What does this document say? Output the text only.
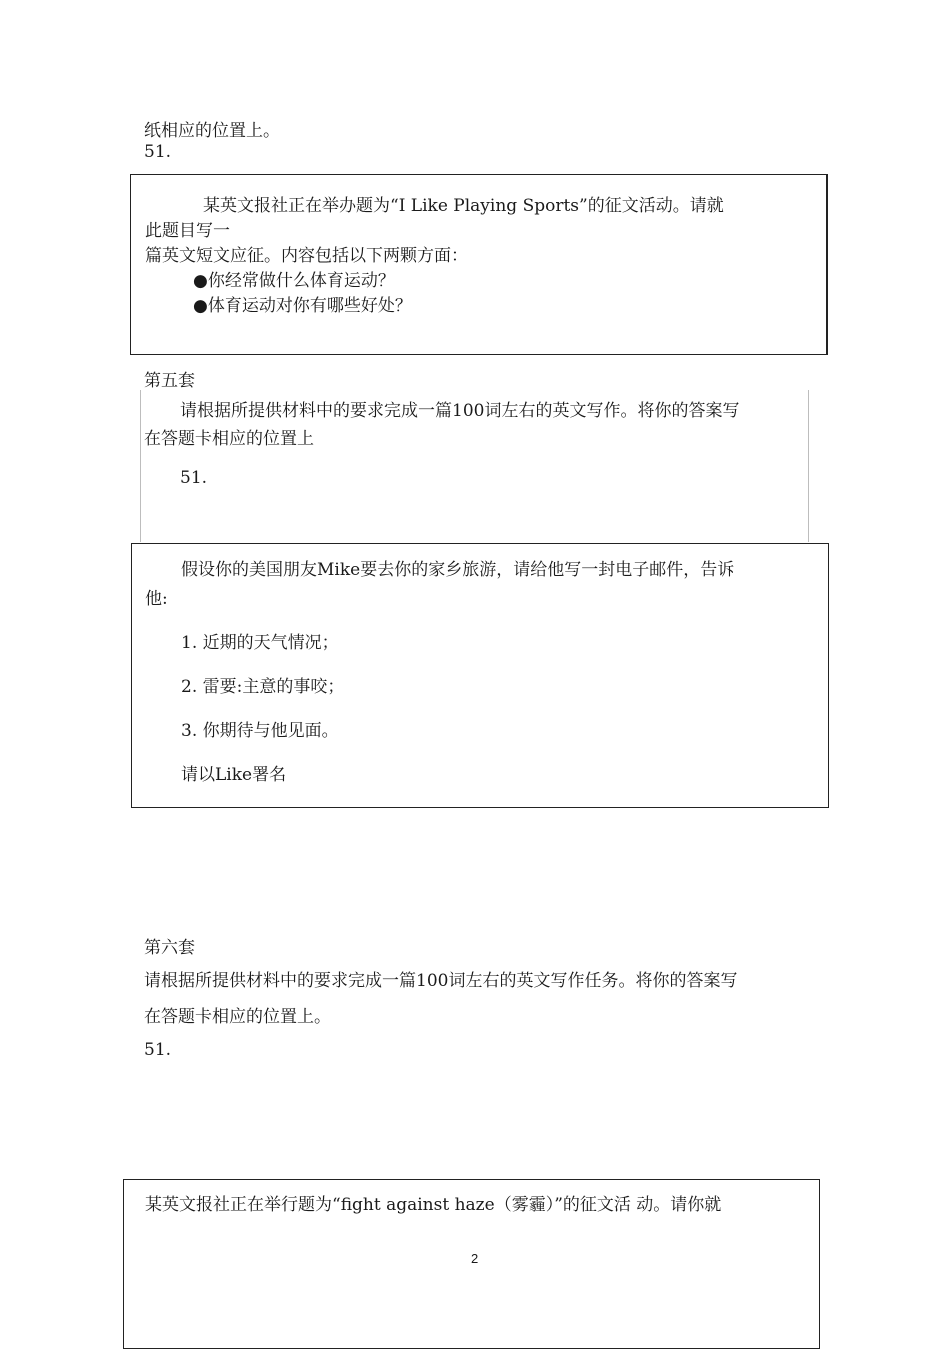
纸相应的位置上。
51.
某英文报社正在举办题为“I Like Playing Sports”的征文活动。请就
此题目写一
篇英文短文应征。内容包括以下两颗方面：
● 你经常做什么体育运动？
● 体育运动对你有哪些好处？
第五套
请根据所提供材料中的要求完成一篇100词左右的英文写作。将你的答案写
在答题卡相应的位置上
51.
假设你的美国朋友Mike要去你的家乡旅游，请给他写一封电子邮件，告诉
他:
1. 近期的天气情况；
2. 雷要:主意的事咬；
3. 你期待与他见面。
请以Like署名
第六套
请根据所提供材料中的要求完成一篇100词左右的英文写作任务。将你的答案写
在答题卡相应的位置上。
51.
某英文报社正在举行题为“fight against haze（雾霾）”的征文活 动。请你就
2
